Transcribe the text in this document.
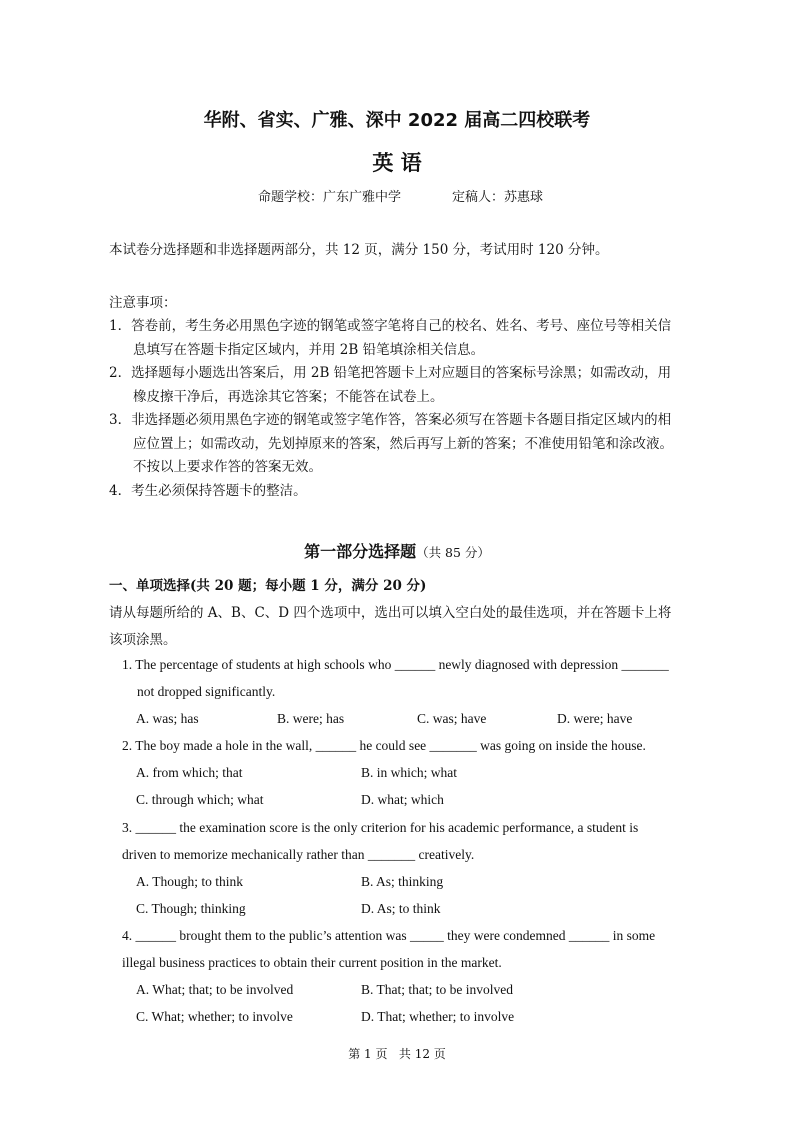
华附、省实、广雅、深中 2022 届高二四校联考
英 语
命题学校：广东广雅中学	定稿人：苏惠球
本试卷分选择题和非选择题两部分，共 12 页，满分 150 分，考试用时 120 分钟。
注意事项：
1．答卷前，考生务必用黑色字迹的钢笔或签字笔将自己的校名、姓名、考号、座位号等相关信
息填写在答题卡指定区域内，并用 2B 铅笔填涂相关信息。
2．选择题每小题选出答案后，用 2B 铅笔把答题卡上对应题目的答案标号涂黑；如需改动，用
橡皮擦干净后，再选涂其它答案；不能答在试卷上。
3．非选择题必须用黑色字迹的钢笔或签字笔作答，答案必须写在答题卡各题目指定区域内的相
应位置上；如需改动，先划掉原来的答案，然后再写上新的答案；不准使用铅笔和涂改液。
不按以上要求作答的答案无效。
4．考生必须保持答题卡的整洁。
第一部分选择题（共 85 分）
一、单项选择(共 20 题；每小题 1 分，满分 20 分)
请从每题所给的 A、B、C、D 四个选项中，选出可以填入空白处的最佳选项，并在答题卡上将
该项涂黑。
1. The percentage of students at high schools who ______ newly diagnosed with depression _______
not dropped significantly.
A. was; has	B. were; has	C. was; have	D. were; have
2. The boy made a hole in the wall, ______ he could see _______ was going on inside the house.
A. from which; that	B. in which; what
C. through which; what	D. what; which
3. ______ the examination score is the only criterion for his academic performance, a student is
driven to memorize mechanically rather than _______ creatively.
A. Though; to think	B. As; thinking
C. Though; thinking	D. As; to think
4. ______ brought them to the public’s attention was _____ they were condemned ______ in some
illegal business practices to obtain their current position in the market.
A. What; that; to be involved	B. That; that; to be involved
C. What; whether; to involve	D. That; whether; to involve
第 1 页   共 12 页
